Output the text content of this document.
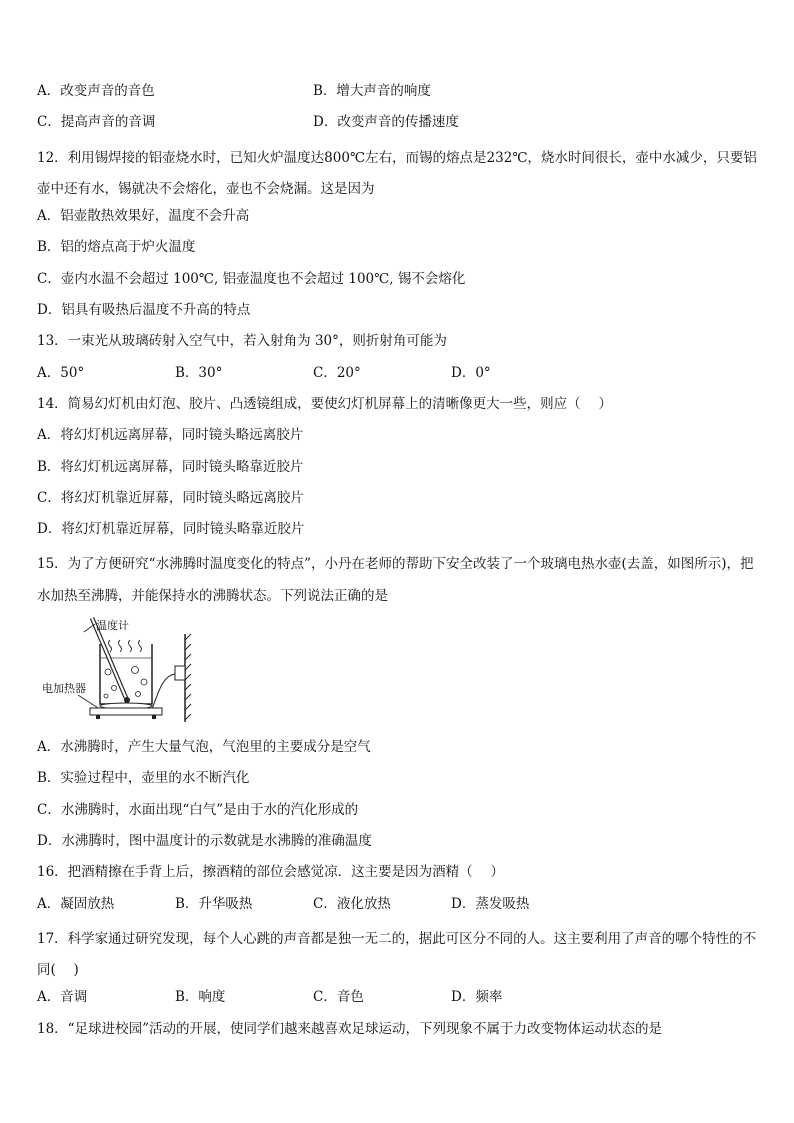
A．改变声音的音色	B．增大声音的响度
C．提高声音的音调	D．改变声音的传播速度
12．利用锡焊接的铝壶烧水时，已知火炉温度达800℃左右，而锡的熔点是232℃，烧水时间很长，壶中水减少，只要铝壶中还有水，锡就决不会熔化，壶也不会烧漏。这是因为
A．铝壶散热效果好，温度不会升高
B．铝的熔点高于炉火温度
C．壶内水温不会超过 100℃, 铝壶温度也不会超过 100℃, 锡不会熔化
D．铝具有吸热后温度不升高的特点
13．一束光从玻璃砖射入空气中，若入射角为 30°，则折射角可能为
A．50°	B．30°	C．20°	D．0°
14．简易幻灯机由灯泡、胶片、凸透镜组成，要使幻灯机屏幕上的清晰像更大一些，则应（　 ）
A．将幻灯机远离屏幕，同时镜头略远离胶片
B．将幻灯机远离屏幕，同时镜头略靠近胶片
C．将幻灯机靠近屏幕，同时镜头略远离胶片
D．将幻灯机靠近屏幕，同时镜头略靠近胶片
15．为了方便研究“水沸腾时温度变化的特点”，小丹在老师的帮助下安全改装了一个玻璃电热水壶(去盖，如图所示)，把水加热至沸腾，并能保持水的沸腾状态。下列说法正确的是
温度计
电加热器
A．水沸腾时，产生大量气泡，气泡里的主要成分是空气
B．实验过程中，壶里的水不断汽化
C．水沸腾时，水面出现“白气”是由于水的汽化形成的
D．水沸腾时，图中温度计的示数就是水沸腾的准确温度
16．把酒精擦在手背上后，擦酒精的部位会感觉凉．这主要是因为酒精（　 ）
A．凝固放热	B．升华吸热	C．液化放热	D．蒸发吸热
17．科学家通过研究发现，每个人心跳的声音都是独一无二的，据此可区分不同的人。这主要利用了声音的哪个特性的不同(　 )
A．音调	B．响度	C．音色	D．频率
18．“足球进校园”活动的开展，使同学们越来越喜欢足球运动，下列现象不属于力改变物体运动状态的是
